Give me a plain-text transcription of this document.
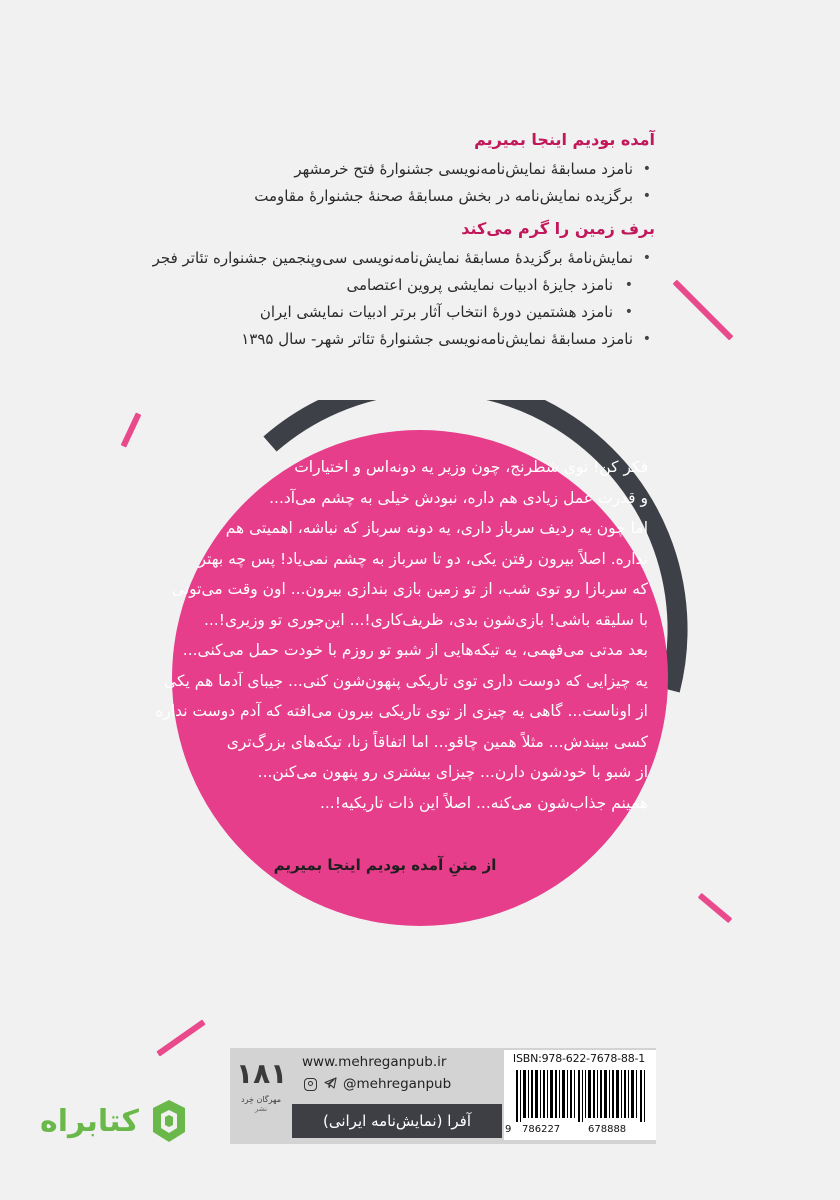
آمده بودیم اینجا بمیریم
• نامزد مسابقهٔ نمایش‌نامه‌نویسی جشنوارهٔ فتح خرمشهر
• برگزیده نمایش‌نامه در بخش مسابقهٔ صحنهٔ جشنوارهٔ مقاومت
برف زمین را گرم می‌کند
• نمایش‌نامهٔ برگزیدهٔ مسابقهٔ نمایش‌نامه‌نویسی سی‌وپنجمین جشنواره تئاتر فجر
• نامزد جایزهٔ ادبیات نمایشی پروین اعتصامی
• نامزد هشتمین دورهٔ انتخاب آثار برتر ادبیات نمایشی ایران
• نامزد مسابقهٔ نمایش‌نامه‌نویسی جشنوارهٔ تئاتر شهر- سال ۱۳۹۵

فکر کن! توی شطرنج، چون وزیر یه دونه‌اس و اختیارات

و قدرت عمل زیادی هم داره، نبودش خیلی به چشم می‌آد...

اما چون یه ردیف سرباز داری، یه دونه سرباز که نباشه، اهمیتی هم

نداره. اصلاً بیرون رفتن یکی، دو تا سرباز به چشم نمی‌یاد! پس چه بهتر

که سربازا رو توی شب، از تو زمین بازی بندازی بیرون... اون وقت می‌تونی

با سلیقه باشی! بازی‌شون بدی، ظریف‌کاری!... این‌جوری تو وزیری!...

بعد مدتی می‌فهمی، یه تیکه‌هایی از شبو تو روزم با خودت حمل می‌کنی...

یه چیزایی که دوست داری توی تاریکی پنهون‌شون کنی... جیبای آدما هم یکی

از اوناست... گاهی یه چیزی از توی تاریکی بیرون می‌افته که آدم دوست نداره

کسی ببیندش... مثلاً همین چاقو... اما اتفاقاً زنا، تیکه‌های بزرگ‌تری

از شبو با خودشون دارن... چیزای بیشتری رو پنهون می‌کنن...

همینم جذاب‌شون می‌کنه... اصلاً این ذات تاریکیه!...

از متنِ آمده بودیم اینجا بمیریم
۱۸۱
مهرگان خِرد
نشر
www.mehreganpub.ir
@mehreganpub
آفرا (نمایش‌نامه ایرانی)
ISBN:978-622-7678-88-1
9 786227	678888
کتابراه
